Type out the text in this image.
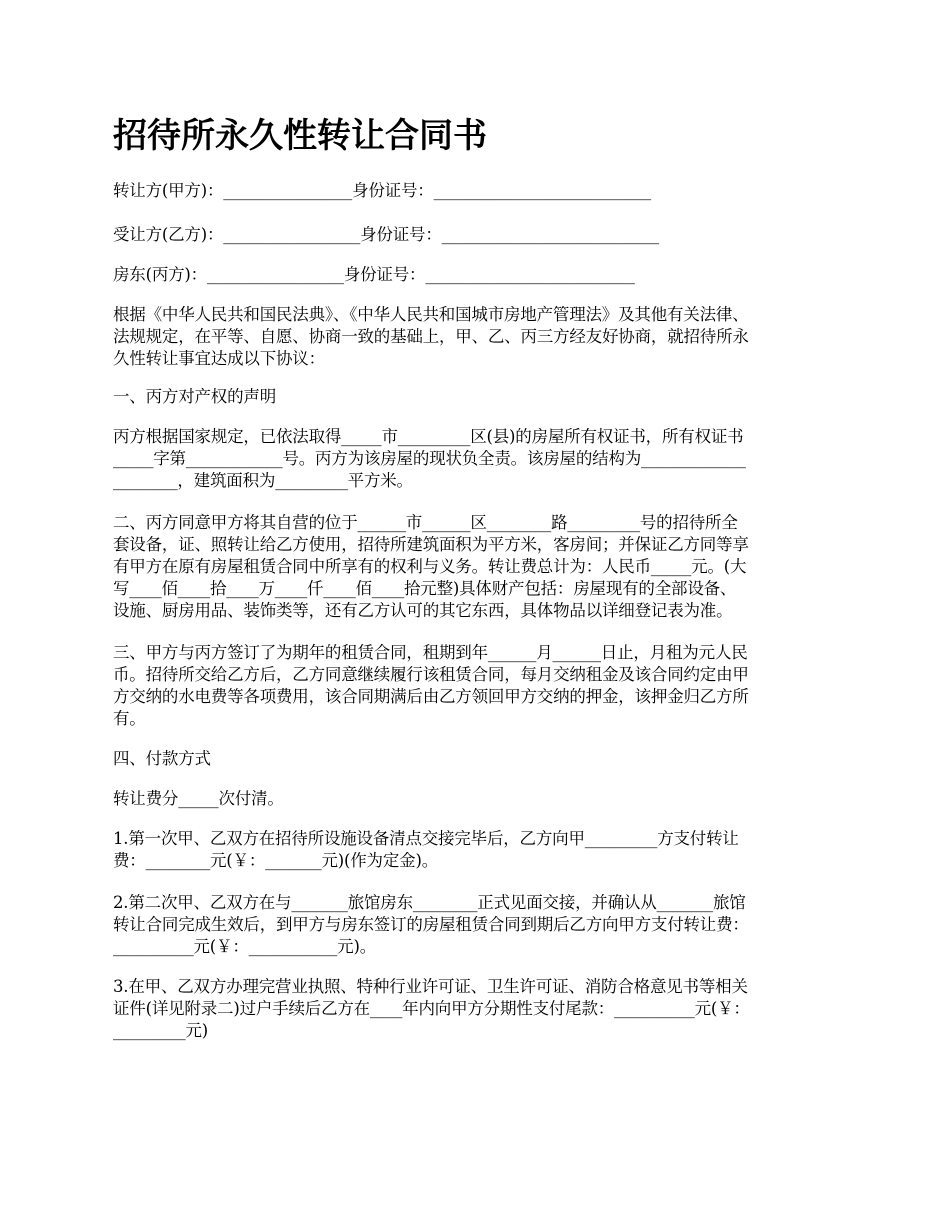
招待所永久性转让合同书

转让方(甲方)：________________身份证号：___________________________

受让方(乙方)：_________________身份证号：___________________________

房东(丙方)：_________________身份证号：__________________________

根据《中华人民共和国民法典》、《中华人民共和国城市房地产管理法》及其他有关法律、
法规规定，在平等、自愿、协商一致的基础上，甲、乙、丙三方经友好协商，就招待所永
久性转让事宜达成以下协议：

一、丙方对产权的声明

丙方根据国家规定，已依法取得_____市_________区(县)的房屋所有权证书，所有权证书
_____字第____________号。丙方为该房屋的现状负全责。该房屋的结构为_____________
________，建筑面积为_________平方米。

二、丙方同意甲方将其自营的位于______市______区________路_________号的招待所全
套设备，证、照转让给乙方使用，招待所建筑面积为平方米，客房间；并保证乙方同等享
有甲方在原有房屋租赁合同中所享有的权利与义务。转让费总计为：人民币_____元。(大
写____佰____拾____万____仟____佰____拾元整)具体财产包括：房屋现有的全部设备、
设施、厨房用品、装饰类等，还有乙方认可的其它东西，具体物品以详细登记表为准。

三、甲方与丙方签订了为期年的租赁合同，租期到年______月______日止，月租为元人民
币。招待所交给乙方后，乙方同意继续履行该租赁合同，每月交纳租金及该合同约定由甲
方交纳的水电费等各项费用，该合同期满后由乙方领回甲方交纳的押金，该押金归乙方所
有。

四、付款方式

转让费分_____次付清。

1.第一次甲、乙双方在招待所设施设备清点交接完毕后，乙方向甲_________方支付转让
费：________元(￥：_______元)(作为定金)。

2.第二次甲、乙双方在与_______旅馆房东________正式见面交接，并确认从_______旅馆
转让合同完成生效后，到甲方与房东签订的房屋租赁合同到期后乙方向甲方支付转让费：
__________元(￥：___________元)。

3.在甲、乙双方办理完营业执照、特种行业许可证、卫生许可证、消防合格意见书等相关
证件(详见附录二)过户手续后乙方在____年内向甲方分期性支付尾款：__________元(￥：
_________元)
